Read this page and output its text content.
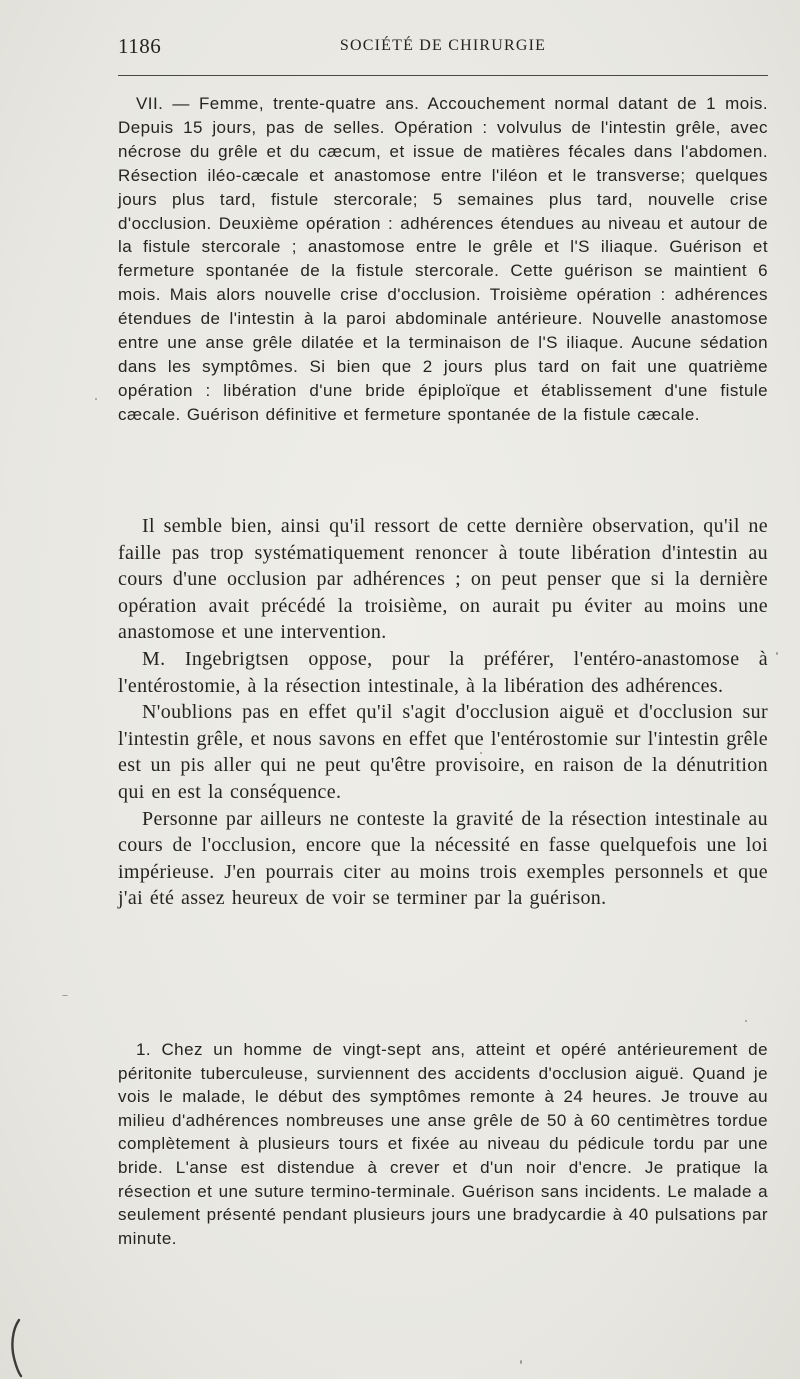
1186	SOCIÉTÉ DE CHIRURGIE

VII. — Femme, trente-quatre ans. Accouchement normal datant de 1 mois. Depuis 15 jours, pas de selles. Opération : volvulus de l'intestin grêle, avec nécrose du grêle et du cæcum, et issue de matières fécales dans l'abdomen. Résection iléo-cæcale et anastomose entre l'iléon et le transverse; quelques jours plus tard, fistule stercorale; 5 semaines plus tard, nouvelle crise d'occlusion. Deuxième opération : adhérences étendues au niveau et autour de la fistule stercorale ; anastomose entre le grêle et l'S iliaque. Guérison et fermeture spontanée de la fistule stercorale. Cette guérison se maintient 6 mois. Mais alors nouvelle crise d'occlusion. Troisième opération : adhérences étendues de l'intestin à la paroi abdominale antérieure. Nouvelle anastomose entre une anse grêle dilatée et la terminaison de l'S iliaque. Aucune sédation dans les symptômes. Si bien que 2 jours plus tard on fait une quatrième opération : libération d'une bride épiploïque et établissement d'une fistule cæcale. Guérison définitive et fermeture spontanée de la fistule cæcale.

Il semble bien, ainsi qu'il ressort de cette dernière observation, qu'il ne faille pas trop systématiquement renoncer à toute libération d'intestin au cours d'une occlusion par adhérences ; on peut penser que si la dernière opération avait précédé la troisième, on aurait pu éviter au moins une anastomose et une intervention.

M. Ingebrigtsen oppose, pour la préférer, l'entéro-anastomose à l'entérostomie, à la résection intestinale, à la libération des adhérences.

N'oublions pas en effet qu'il s'agit d'occlusion aiguë et d'occlusion sur l'intestin grêle, et nous savons en effet que l'entérostomie sur l'intestin grêle est un pis aller qui ne peut qu'être provisoire, en raison de la dénutrition qui en est la conséquence.

Personne par ailleurs ne conteste la gravité de la résection intestinale au cours de l'occlusion, encore que la nécessité en fasse quelquefois une loi impérieuse. J'en pourrais citer au moins trois exemples personnels et que j'ai été assez heureux de voir se terminer par la guérison.

1. Chez un homme de vingt-sept ans, atteint et opéré antérieurement de péritonite tuberculeuse, surviennent des accidents d'occlusion aiguë. Quand je vois le malade, le début des symptômes remonte à 24 heures. Je trouve au milieu d'adhérences nombreuses une anse grêle de 50 à 60 centimètres tordue complètement à plusieurs tours et fixée au niveau du pédicule tordu par une bride. L'anse est distendue à crever et d'un noir d'encre. Je pratique la résection et une suture termino-terminale. Guérison sans incidents. Le malade a seulement présenté pendant plusieurs jours une bradycardie à 40 pulsations par minute.
